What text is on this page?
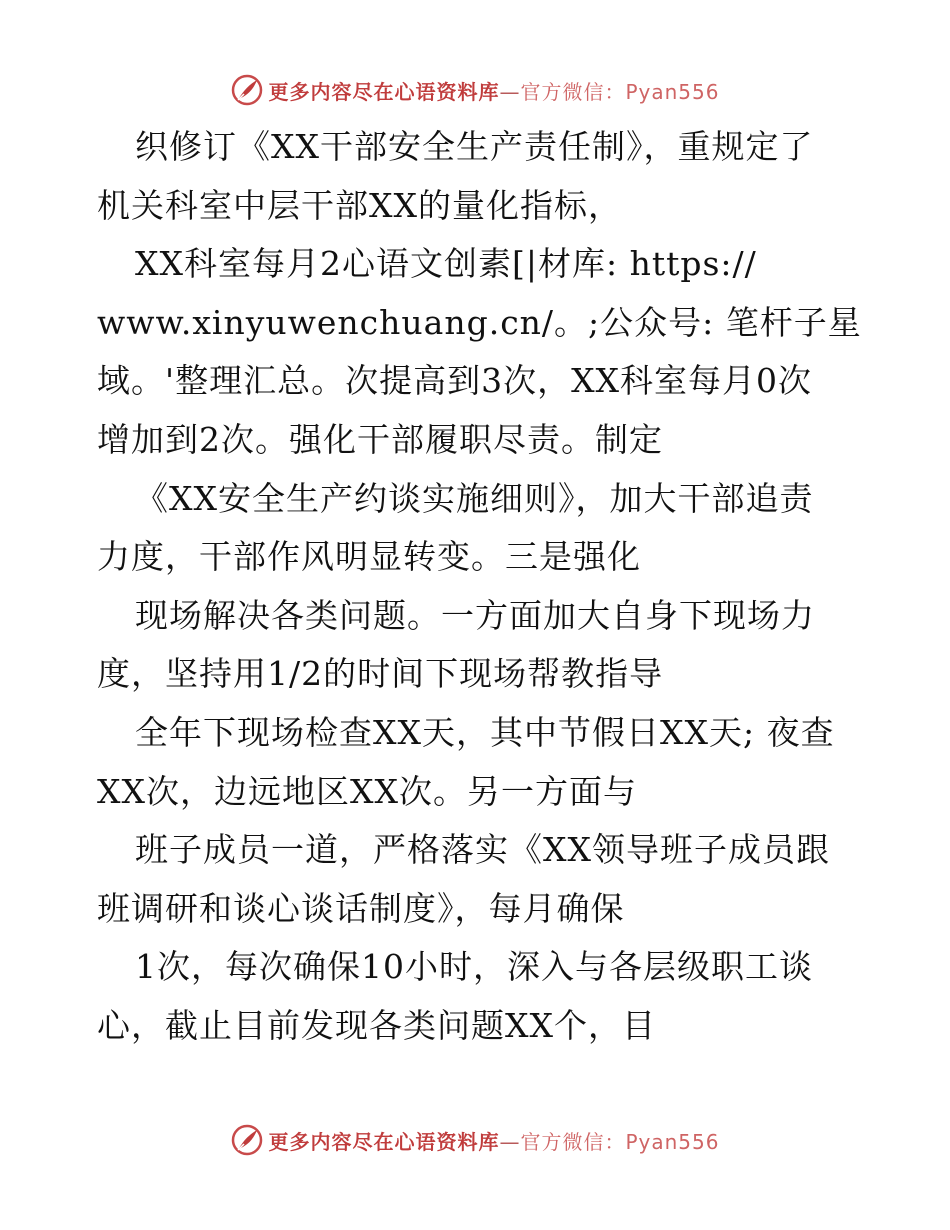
更多内容尽在心语资料库—官方微信：Pyan556
织修订《XX干部安全生产责任制》，重规定了
机关科室中层干部XX的量化指标，
XX科室每月2心语文创素[|材库: https://
www.xinyuwenchuang.cn/。;公众号: 笔杆子星
域。'整理汇总。次提高到3次，XX科室每月0次
增加到2次。强化干部履职尽责。制定
《XX安全生产约谈实施细则》，加大干部追责
力度，干部作风明显转变。三是强化
现场解决各类问题。一方面加大自身下现场力
度，坚持用1/2的时间下现场帮教指导
全年下现场检查XX天，其中节假日XX天; 夜查
XX次，边远地区XX次。另一方面与
班子成员一道，严格落实《XX领导班子成员跟
班调研和谈心谈话制度》，每月确保
1次，每次确保10小时，深入与各层级职工谈
心，截止目前发现各类问题XX个，目
更多内容尽在心语资料库—官方微信：Pyan556
